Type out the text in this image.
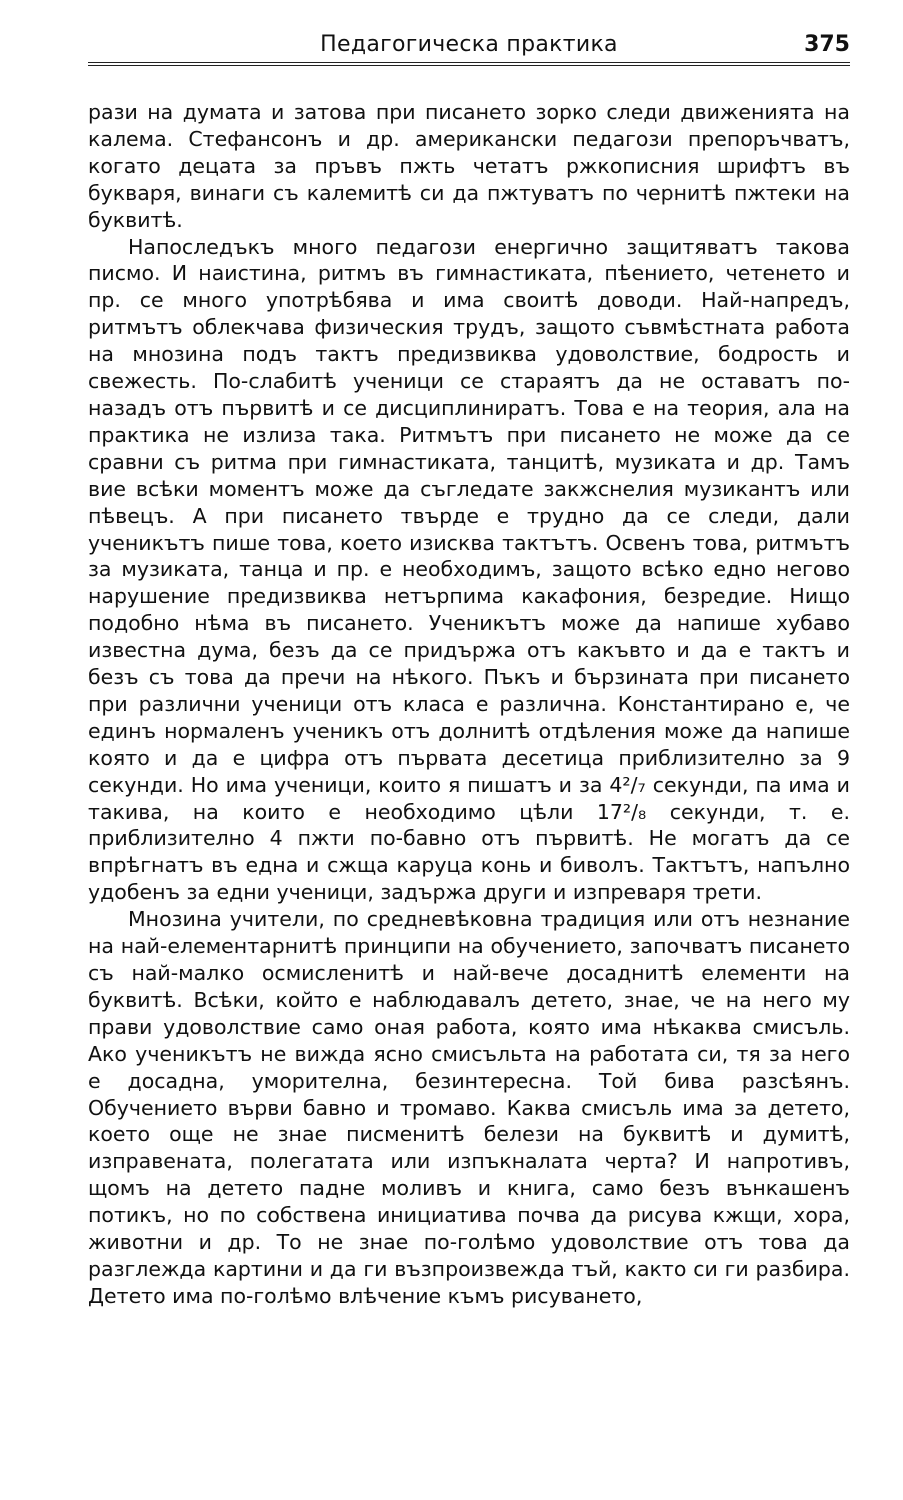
Педагогическа практика	375

рази на думата и затова при писането зорко следи движенията на калема. Стефансонъ и др. американски педагози препоръчватъ, когато децата за пръвъ пжть четатъ ржкописния шрифтъ въ букваря, винаги съ калемитѣ си да пжтуватъ по чернитѣ пжтеки на буквитѣ.

Напоследъкъ много педагози енергично защитяватъ такова писмо. И наистина, ритмъ въ гимнастиката, пѣението, четенето и пр. се много употрѣбява и има своитѣ доводи. Най-напредъ, ритмътъ облекчава физическия трудъ, защото съвмѣстната работа на мнозина подъ тактъ предизвиква удоволствие, бодрость и свежесть. По-слабитѣ ученици се стараятъ да не оставатъ по-назадъ отъ първитѣ и се дисциплиниратъ. Това е на теория, ала на практика не излиза така. Ритмътъ при писането не може да се сравни съ ритма при гимнастиката, танцитѣ, музиката и др. Тамъ вие всѣки моментъ може да съгледате закжснелия музикантъ или пѣвецъ. А при писането твърде е трудно да се следи, дали ученикътъ пише това, което изисква тактътъ. Освенъ това, ритмътъ за музиката, танца и пр. е необходимъ, защото всѣко едно негово нарушение предизвиква нетърпима какафония, безредие. Нищо подобно нѣма въ писането. Ученикътъ може да напише хубаво известна дума, безъ да се придържа отъ какъвто и да е тактъ и безъ съ това да пречи на нѣкого. Пъкъ и бързината при писането при различни ученици отъ класа е различна. Константирано е, че единъ нормаленъ ученикъ отъ долнитѣ отдѣления може да напише която и да е цифра отъ първата десетица приблизително за 9 секунди. Но има ученици, които я пишатъ и за 4²/₇ секунди, па има и такива, на които е необходимо цѣли 17²/₈ секунди, т. е. приблизително 4 пжти по-бавно отъ първитѣ. Не могатъ да се впрѣгнатъ въ една и сжща каруца конь и биволъ. Тактътъ, напълно удобенъ за едни ученици, задържа други и изпреваря трети.

Мнозина учители, по средневѣковна традиция или отъ незнание на най-елементарнитѣ принципи на обучението, започватъ писането съ най-малко осмисленитѣ и най-вече досаднитѣ елементи на буквитѣ. Всѣки, който е наблюдавалъ детето, знае, че на него му прави удоволствие само оная работа, която има нѣкаква смисъль. Ако ученикътъ не вижда ясно смисъльта на работата си, тя за него е досадна, уморителна, безинтересна. Той бива разсѣянъ. Обучението върви бавно и тромаво. Каква смисъль има за детето, което още не знае писменитѣ белези на буквитѣ и думитѣ, изправената, полегатата или изпъкналата черта? И напротивъ, щомъ на детето падне моливъ и книга, само безъ вънкашенъ потикъ, но по собствена инициатива почва да рисува кжщи, хора, животни и др. То не знае по-голѣмо удоволствие отъ това да разглежда картини и да ги възпроизвежда тъй, както си ги разбира. Детето има по-голѣмо влѣчение къмъ рисуването,
